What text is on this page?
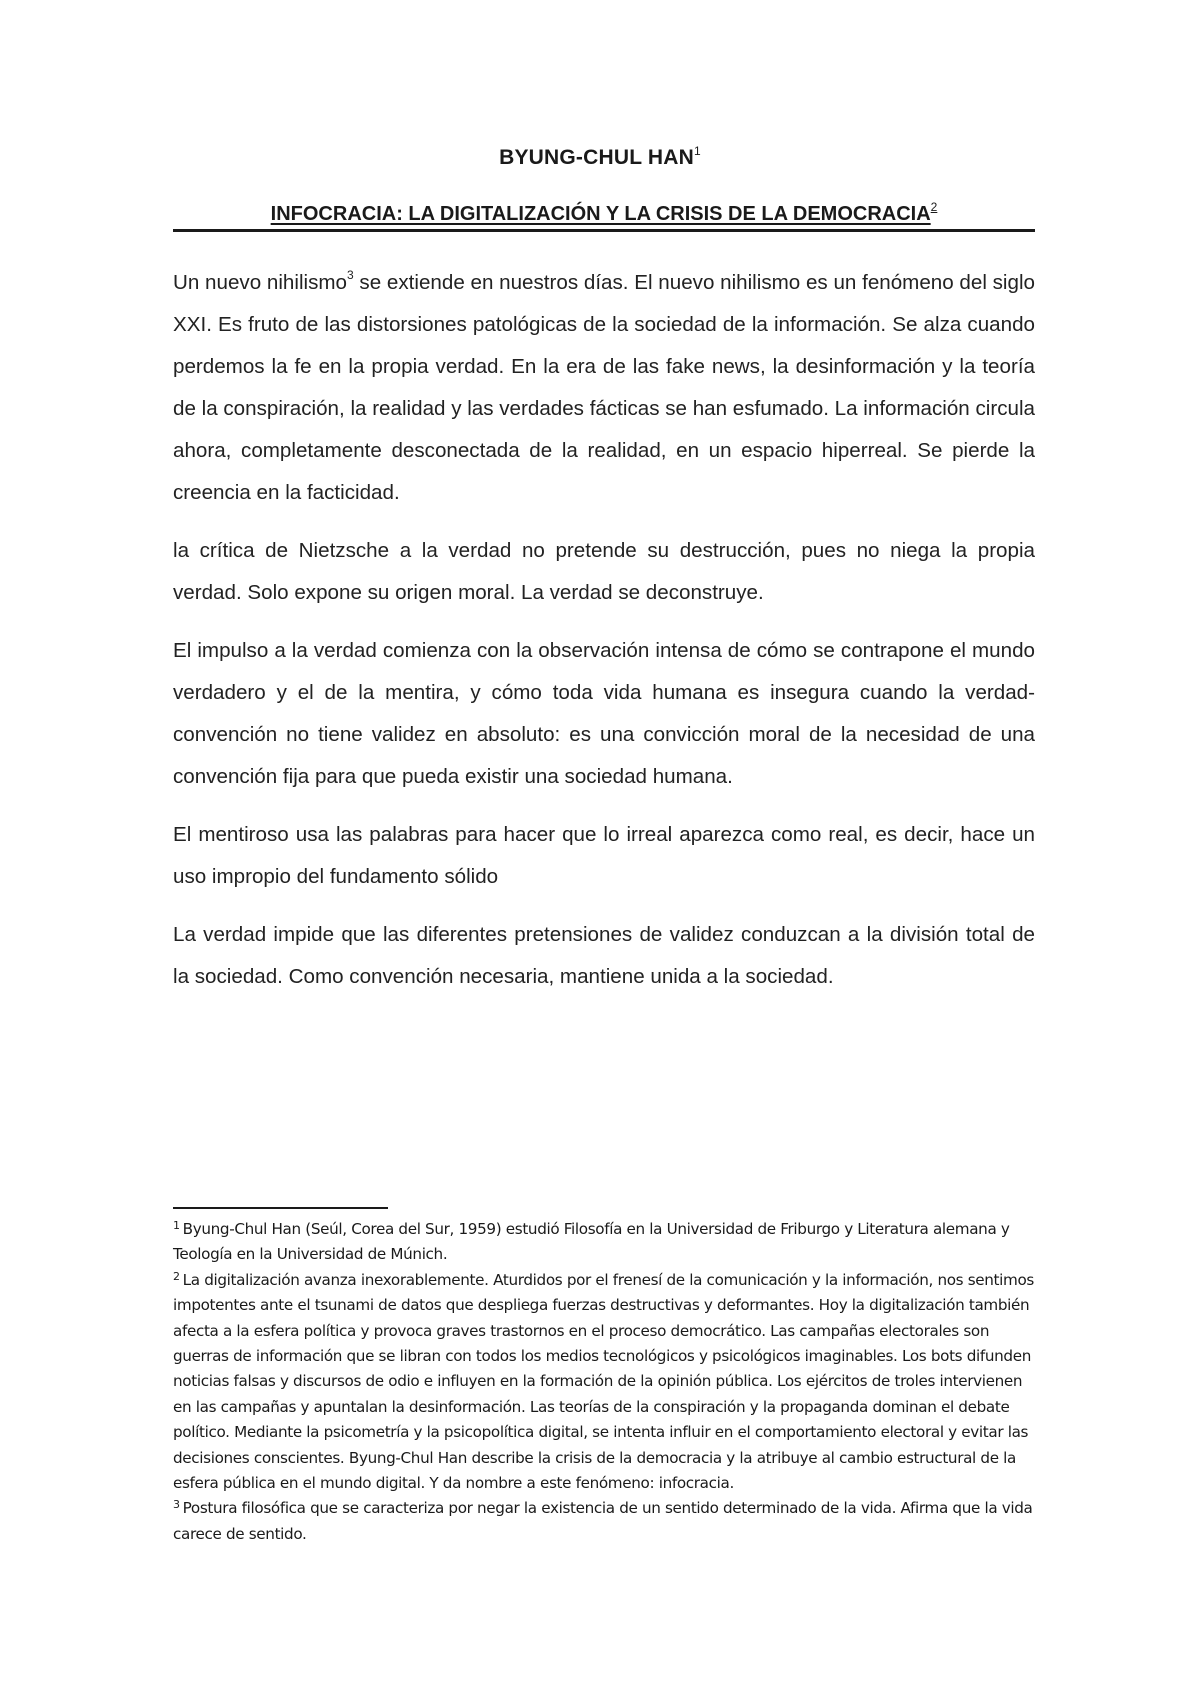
BYUNG-CHUL HAN$^1$
INFOCRACIA: LA DIGITALIZACIÓN Y LA CRISIS DE LA DEMOCRACIA$^2$

Un nuevo nihilismo$^3$ se extiende en nuestros días. El nuevo nihilismo es un fenómeno del siglo XXI. Es fruto de las distorsiones patológicas de la sociedad de la información. Se alza cuando perdemos la fe en la propia verdad. En la era de las fake news, la desinformación y la teoría de la conspiración, la realidad y las verdades fácticas se han esfumado. La información circula ahora, completamente desconectada de la realidad, en un espacio hiperreal. Se pierde la creencia en la facticidad.

la crítica de Nietzsche a la verdad no pretende su destrucción, pues no niega la propia verdad. Solo expone su origen moral. La verdad se deconstruye.

El impulso a la verdad comienza con la observación intensa de cómo se contrapone el mundo verdadero y el de la mentira, y cómo toda vida humana es insegura cuando la verdad-convención no tiene validez en absoluto: es una convicción moral de la necesidad de una convención fija para que pueda existir una sociedad humana.

El mentiroso usa las palabras para hacer que lo irreal aparezca como real, es decir, hace un uso impropio del fundamento sólido

La verdad impide que las diferentes pretensiones de validez conduzcan a la división total de la sociedad. Como convención necesaria, mantiene unida a la sociedad.

$^1$ Byung-Chul Han (Seúl, Corea del Sur, 1959) estudió Filosofía en la Universidad de Friburgo y Literatura alemana y Teología en la Universidad de Múnich.

$^2$ La digitalización avanza inexorablemente. Aturdidos por el frenesí de la comunicación y la información, nos sentimos impotentes ante el tsunami de datos que despliega fuerzas destructivas y deformantes. Hoy la digitalización también afecta a la esfera política y provoca graves trastornos en el proceso democrático. Las campañas electorales son guerras de información que se libran con todos los medios tecnológicos y psicológicos imaginables. Los bots difunden noticias falsas y discursos de odio e influyen en la formación de la opinión pública. Los ejércitos de troles intervienen en las campañas y apuntalan la desinformación. Las teorías de la conspiración y la propaganda dominan el debate político. Mediante la psicometría y la psicopolítica digital, se intenta influir en el comportamiento electoral y evitar las decisiones conscientes. Byung-Chul Han describe la crisis de la democracia y la atribuye al cambio estructural de la esfera pública en el mundo digital. Y da nombre a este fenómeno: infocracia.

$^3$ Postura filosófica que se caracteriza por negar la existencia de un sentido determinado de la vida. Afirma que la vida carece de sentido.
